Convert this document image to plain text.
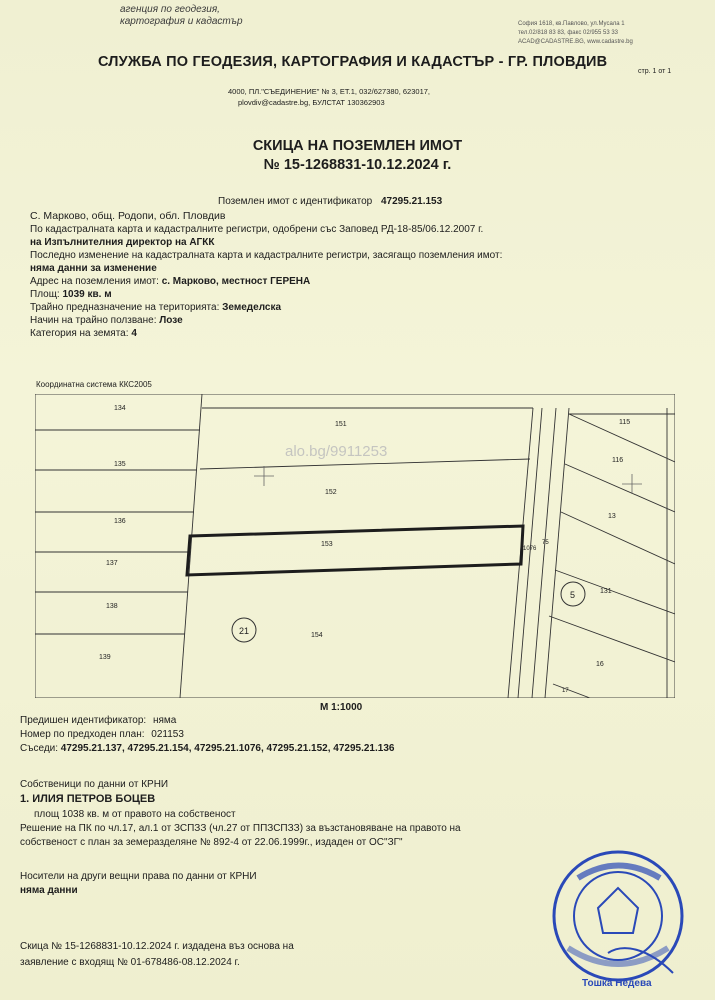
агенция по геодезия,
картография и кадастър	София 1618, кв.Павлово, ул.Мусала 1
тел.02/818 83 83, факс 02/955 53 33
ACAD@CADASTRE.BG, www.cadastre.bg
стр. 1 от 1
СЛУЖБА ПО ГЕОДЕЗИЯ, КАРТОГРАФИЯ И КАДАСТЪР - ГР. ПЛОВДИВ
4000, ПЛ."СЪЕДИНЕНИЕ" № 3, ЕТ.1, 032/627380, 623017,
plovdiv@cadastre.bg, БУЛСТАТ 130362903
СКИЦА НА ПОЗЕМЛЕН ИМОТ
№ 15-1268831-10.12.2024 г.
Поземлен имот с идентификатор 47295.21.153
С. Марково, общ. Родопи, обл. Пловдив
По кадастралната карта и кадастралните регистри, одобрени със Заповед РД-18-85/06.12.2007 г.
на Изпълнителния директор на АГКК
Последно изменение на кадастралната карта и кадастралните регистри, засягащо поземления имот:
няма данни за изменение
Адрес на поземления имот: с. Марково, местност ГЕРЕНА
Площ: 1039 кв. м
Трайно предназначение на територията: Земеделска
Начин на трайно ползване: Лозе
Категория на земята: 4
Координатна система ККС2005
134
135
136
137
138
139
151
152
153
154
1076
75
115
116
13
131
16
17
21
5
alo.bg/9911253
М 1:1000
Предишен идентификатор: няма
Номер по предходен план: 021153
Съседи: 47295.21.137, 47295.21.154, 47295.21.1076, 47295.21.152, 47295.21.136
Собственици по данни от КРНИ
1. ИЛИЯ ПЕТРОВ БОЦЕВ
площ 1038 кв. м от правото на собственост
Решение на ПК по чл.17, ал.1 от ЗСПЗЗ (чл.27 от ППЗСПЗЗ) за възстановяване на правото на
собственост с план за земеразделяне № 892-4 от 22.06.1999г., издаден от ОС"ЗГ"
Носители на други вещни права по данни от КРНИ
няма данни
Скица № 15-1268831-10.12.2024 г. издадена въз основа на
заявление с входящ № 01-678486-08.12.2024 г.
Тошка Недева
